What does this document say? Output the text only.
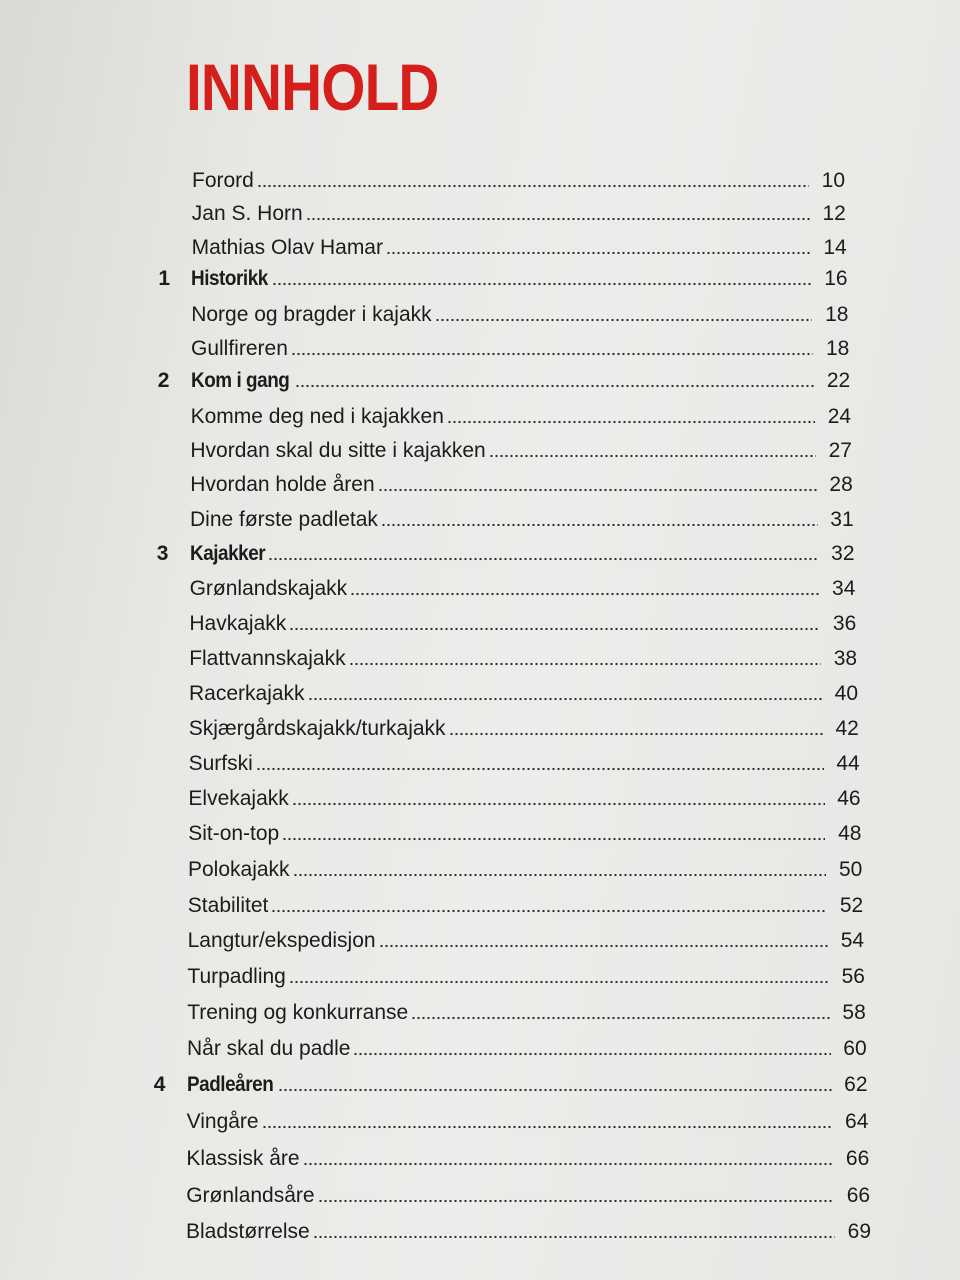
INNHOLD
Forord	10
Jan S. Horn	12
Mathias Olav Hamar	14
1 Historikk	16
Norge og bragder i kajakk	18
Gullfireren	18
2 Kom i gang	22
Komme deg ned i kajakken	24
Hvordan skal du sitte i kajakken	27
Hvordan holde åren	28
Dine første padletak	31
3 Kajakker	32
Grønlandskajakk	34
Havkajakk	36
Flattvannskajakk	38
Racerkajakk	40
Skjærgårdskajakk/turkajakk	42
Surfski	44
Elvekajakk	46
Sit-on-top	48
Polokajakk	50
Stabilitet	52
Langtur/ekspedisjon	54
Turpadling	56
Trening og konkurranse	58
Når skal du padle	60
4 Padleåren	62
Vingåre	64
Klassisk åre	66
Grønlandsåre	66
Bladstørrelse	69
